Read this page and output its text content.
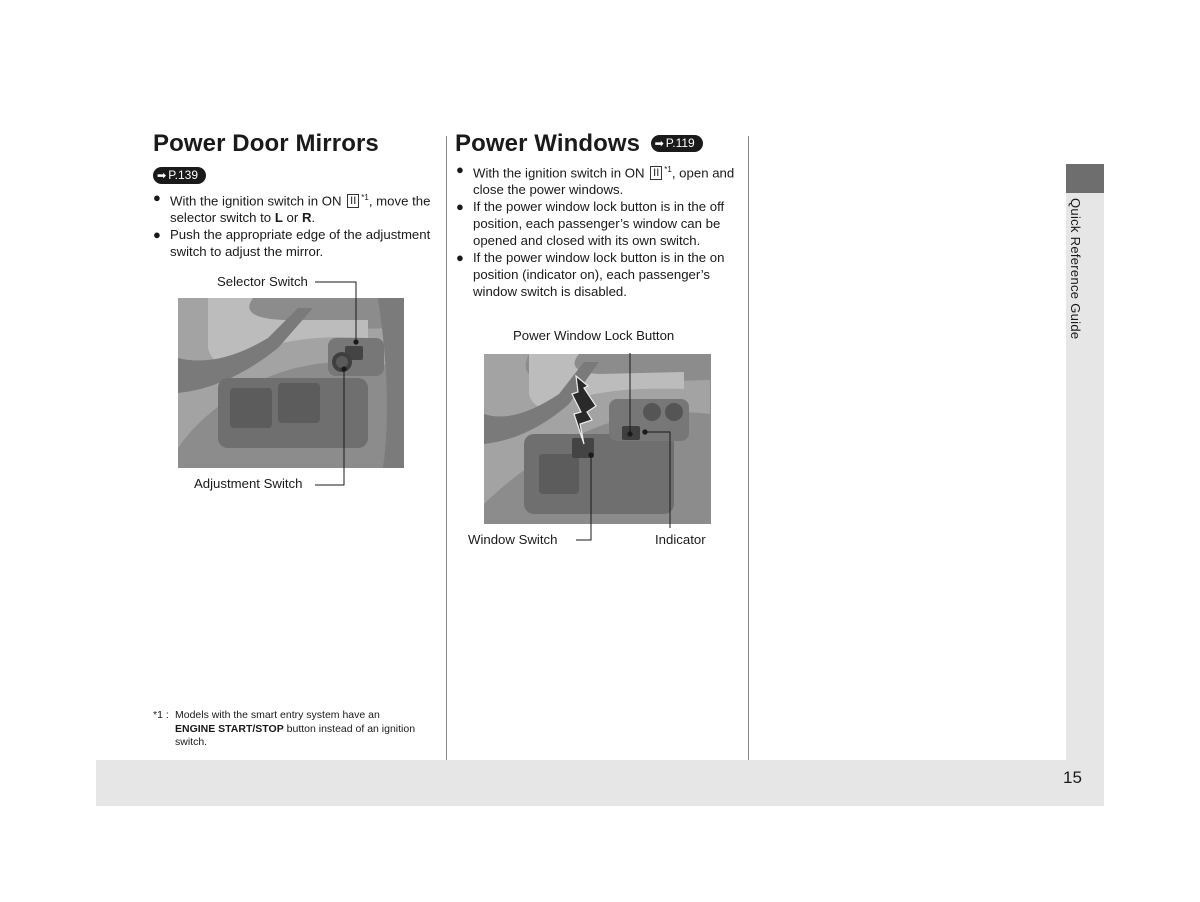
Quick Reference Guide
15
Power Door Mirrors
➡ P.139
● With the ignition switch in ON II $^{*1}$, move the selector switch to L or R.
● Push the appropriate edge of the adjustment switch to adjust the mirror.
Selector Switch
Adjustment Switch
*1 : Models with the smart entry system have an
ENGINE START/STOP button instead of an ignition switch.
Power Windows ➡ P.119
● With the ignition switch in ON II $^{*1}$, open and close the power windows.
● If the power window lock button is in the off position, each passenger’s window can be opened and closed with its own switch.
● If the power window lock button is in the on position (indicator on), each passenger’s window switch is disabled.
Power Window Lock Button
Window Switch	Indicator
